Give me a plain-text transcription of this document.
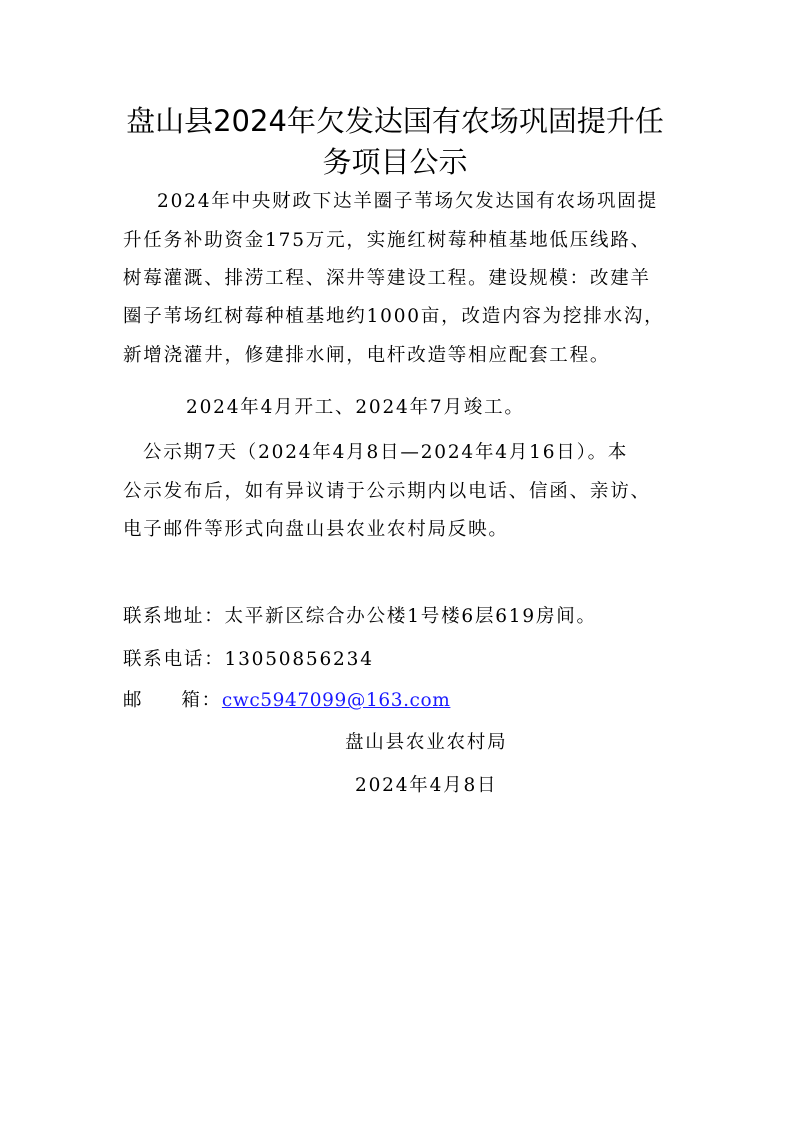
盘山县2024年欠发达国有农场巩固提升任
务项目公示

2024年中央财政下达羊圈子苇场欠发达国有农场巩固提

升任务补助资金175万元，实施红树莓种植基地低压线路、

树莓灌溉、排涝工程、深井等建设工程。建设规模：改建羊

圈子苇场红树莓种植基地约1000亩，改造内容为挖排水沟，

新增浇灌井，修建排水闸，电杆改造等相应配套工程。

2024年4月开工、2024年7月竣工。

公示期7天（2024年4月8日—2024年4月16日）。本

公示发布后，如有异议请于公示期内以电话、信函、亲访、

电子邮件等形式向盘山县农业农村局反映。

联系地址：太平新区综合办公楼1号楼6层619房间。

联系电话：13050856234

邮 箱：cwc5947099@163.com

盘山县农业农村局

2024年4月8日
